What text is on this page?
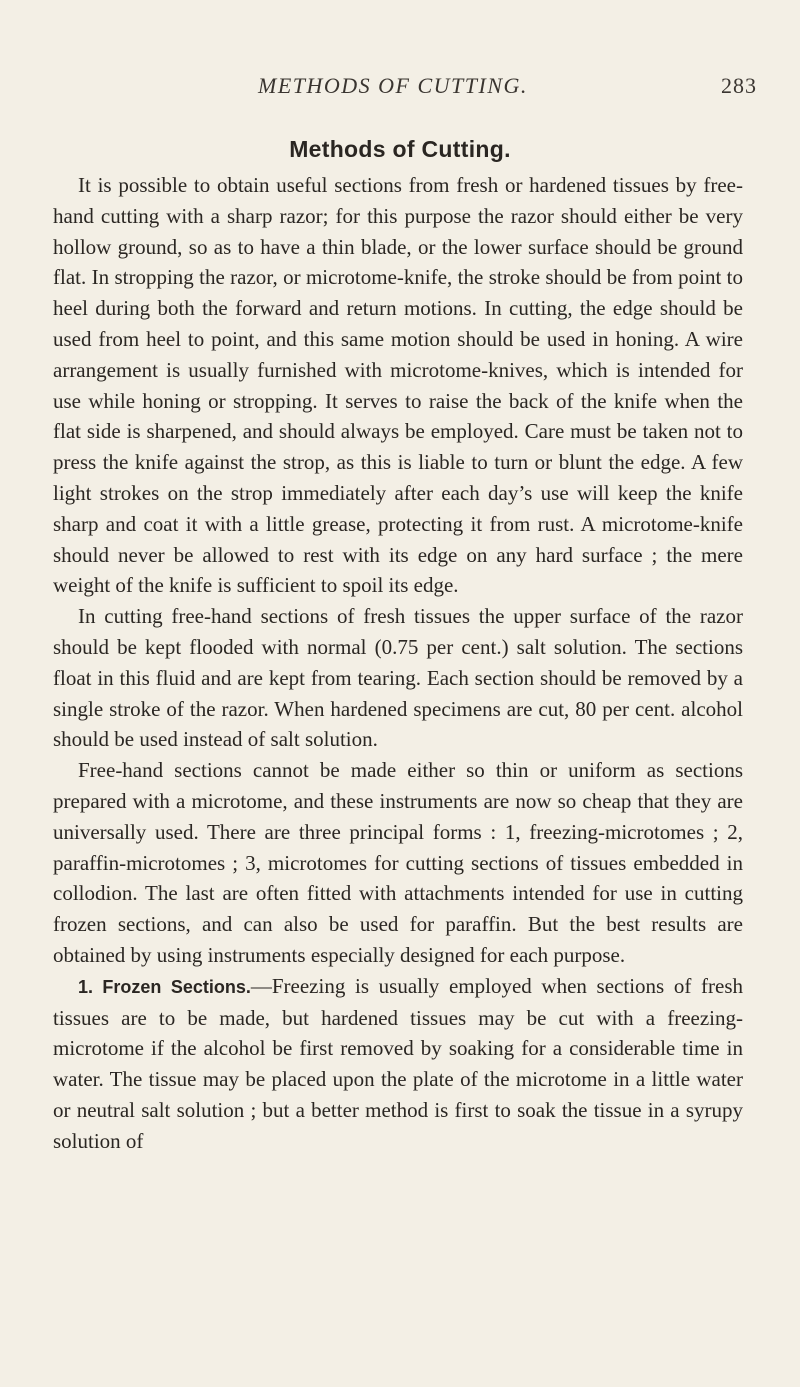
METHODS OF CUTTING.	283
Methods of Cutting.

It is possible to obtain useful sections from fresh or hardened tissues by free-hand cutting with a sharp razor; for this purpose the razor should either be very hollow ground, so as to have a thin blade, or the lower surface should be ground flat. In stropping the razor, or microtome-knife, the stroke should be from point to heel during both the forward and return motions. In cutting, the edge should be used from heel to point, and this same motion should be used in honing. A wire arrangement is usually furnished with microtome-knives, which is intended for use while honing or stropping. It serves to raise the back of the knife when the flat side is sharpened, and should always be employed. Care must be taken not to press the knife against the strop, as this is liable to turn or blunt the edge. A few light strokes on the strop immediately after each day’s use will keep the knife sharp and coat it with a little grease, protecting it from rust. A microtome-knife should never be allowed to rest with its edge on any hard surface ; the mere weight of the knife is sufficient to spoil its edge.

In cutting free-hand sections of fresh tissues the upper surface of the razor should be kept flooded with normal (0.75 per cent.) salt solution. The sections float in this fluid and are kept from tearing. Each section should be removed by a single stroke of the razor. When hardened specimens are cut, 80 per cent. alcohol should be used instead of salt solution.

Free-hand sections cannot be made either so thin or uniform as sections prepared with a microtome, and these instruments are now so cheap that they are universally used. There are three principal forms : 1, freezing-microtomes ; 2, paraffin-microtomes ; 3, microtomes for cutting sections of tissues embedded in collodion. The last are often fitted with attachments intended for use in cutting frozen sections, and can also be used for paraffin. But the best results are obtained by using instruments especially designed for each purpose.

1. Frozen Sections.—Freezing is usually employed when sections of fresh tissues are to be made, but hardened tissues may be cut with a freezing-microtome if the alcohol be first removed by soaking for a considerable time in water. The tissue may be placed upon the plate of the microtome in a little water or neutral salt solution ; but a better method is first to soak the tissue in a syrupy solution of
